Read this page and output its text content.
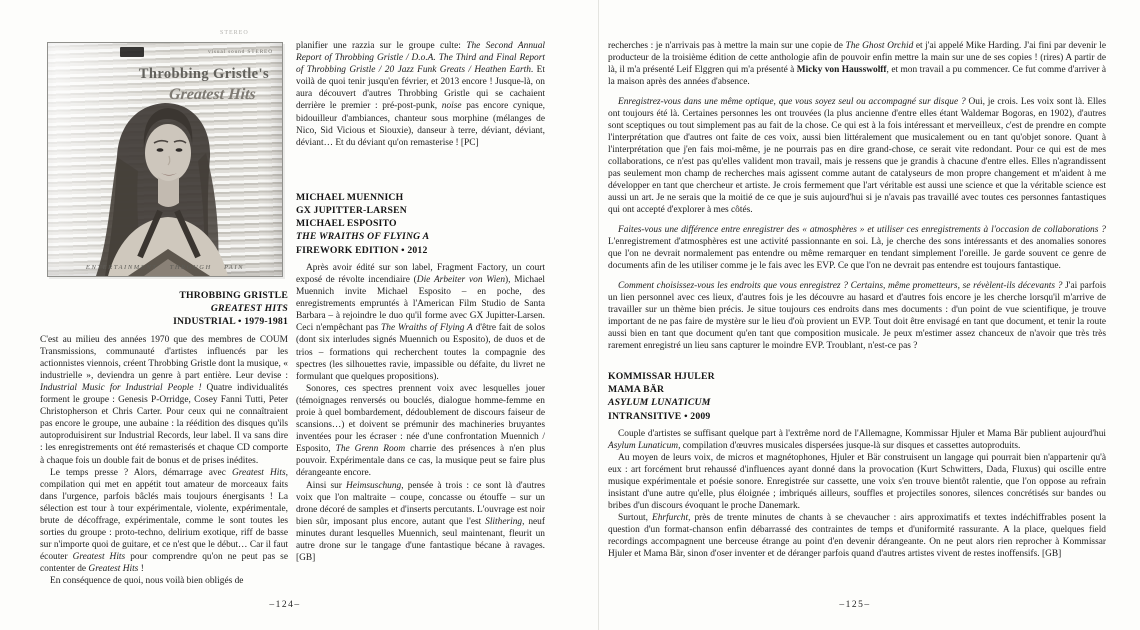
STEREO
visual sound STEREO
Throbbing Gristle's
Greatest Hits
ENTERTAINMENT THROUGH PAIN
THROBBING GRISTLE
GREATEST HITS
INDUSTRIAL • 1979-1981

C'est au milieu des années 1970 que des membres de COUM Transmissions, communauté d'artistes influencés par les actionnistes viennois, créent Throbbing Gristle dont la musique, « industrielle », deviendra un genre à part entière. Leur devise : Industrial Music for Industrial People ! Quatre individualités forment le groupe : Genesis P-Orridge, Cosey Fanni Tutti, Peter Christopherson et Chris Carter. Pour ceux qui ne connaîtraient pas encore le groupe, une aubaine : la réédition des disques qu'ils autoproduisirent sur Industrial Records, leur label. Il va sans dire : les enregistrements ont été remasterisés et chaque CD comporte à chaque fois un double fait de bonus et de prises inédites.

Le temps presse ? Alors, démarrage avec Greatest Hits, compilation qui met en appétit tout amateur de morceaux faits dans l'urgence, parfois bâclés mais toujours énergisants ! La sélection est tour à tour expérimentale, violente, expérimentale, brute de décoffrage, expérimentale, comme le sont toutes les sorties du groupe : proto-techno, delirium exotique, riff de basse sur n'importe quoi de guitare, et ce n'est que le début… Car il faut écouter Greatest Hits pour comprendre qu'on ne peut pas se contenter de Greatest Hits !

En conséquence de quoi, nous voilà bien obligés de

planifier une razzia sur le groupe culte: The Second Annual Report of Throbbing Gristle / D.o.A. The Third and Final Report of Throbbing Gristle / 20 Jazz Funk Greats / Heathen Earth. Et voilà de quoi tenir jusqu'en février, et 2013 encore ! Jusque-là, on aura découvert d'autres Throbbing Gristle qui se cachaient derrière le premier : pré-post-punk, noise pas encore cynique, bidouilleur d'ambiances, chanteur sous morphine (mélanges de Nico, Sid Vicious et Siouxie), danseur à terre, déviant, déviant, déviant… Et du déviant qu'on remasterise ! [PC]

MICHAEL MUENNICH
GX JUPITTER-LARSEN
MICHAEL ESPOSITO
THE WRAITHS OF FLYING A
FIREWORK EDITION • 2012

Après avoir édité sur son label, Fragment Factory, un court exposé de révolte incendiaire (Die Arbeiter von Wien), Michael Muennich invite Michael Esposito – en poche, des enregistrements empruntés à l'American Film Studio de Santa Barbara – à rejoindre le duo qu'il forme avec GX Jupitter-Larsen. Ceci n'empêchant pas The Wraiths of Flying A d'être fait de solos (dont six interludes signés Muennich ou Esposito), de duos et de trios – formations qui recherchent toutes la compagnie des spectres (les silhouettes ravie, impassible ou défaite, du livret ne formulant que quelques propositions).

Sonores, ces spectres prennent voix avec lesquelles jouer (témoignages renversés ou bouclés, dialogue homme-femme en proie à quel bombardement, dédoublement de discours faiseur de scansions…) et doivent se prémunir des machineries bruyantes inventées pour les écraser : née d'une confrontation Muennich / Esposito, The Grenn Room charrie des présences à n'en plus pouvoir. Expérimentale dans ce cas, la musique peut se faire plus dérangeante encore.

Ainsi sur Heimsuschung, pensée à trois : ce sont là d'autres voix que l'on maltraite – coupe, concasse ou étouffe – sur un drone décoré de samples et d'inserts percutants. L'ouvrage est noir bien sûr, imposant plus encore, autant que l'est Slithering, neuf minutes durant lesquelles Muennich, seul maintenant, fleurit un autre drone sur le tangage d'une fantastique bécane à ravages. [GB]

–124–

recherches : je n'arrivais pas à mettre la main sur une copie de The Ghost Orchid et j'ai appelé Mike Harding. J'ai fini par devenir le producteur de la troisième édition de cette anthologie afin de pouvoir enfin mettre la main sur une de ses copies ! (rires) A partir de là, il m'a présenté Leif Elggren qui m'a présenté à Micky von Hausswolff, et mon travail a pu commencer. Ce fut comme d'arriver à la maison après des années d'absence.

Enregistrez-vous dans une même optique, que vous soyez seul ou accompagné sur disque ? Oui, je crois. Les voix sont là. Elles ont toujours été là. Certaines personnes les ont trouvées (la plus ancienne d'entre elles étant Waldemar Bogoras, en 1902), d'autres sont sceptiques ou tout simplement pas au fait de la chose. Ce qui est à la fois intéressant et merveilleux, c'est de prendre en compte l'interprétation que d'autres ont faite de ces voix, aussi bien littéralement que musicalement ou en tant qu'objet sonore. Quant à l'interprétation que j'en fais moi-même, je ne pourrais pas en dire grand-chose, ce serait vite redondant. Pour ce qui est de mes collaborations, ce n'est pas qu'elles valident mon travail, mais je ressens que je grandis à chacune d'entre elles. Elles n'agrandissent pas seulement mon champ de recherches mais agissent comme autant de catalyseurs de mon propre changement et m'aident à me développer en tant que chercheur et artiste. Je crois fermement que l'art véritable est aussi une science et que la véritable science est aussi un art. Je ne serais que la moitié de ce que je suis aujourd'hui si je n'avais pas travaillé avec toutes ces personnes fantastiques qui ont accepté d'explorer à mes côtés.

Faites-vous une différence entre enregistrer des « atmosphères » et utiliser ces enregistrements à l'occasion de collaborations ? L'enregistrement d'atmosphères est une activité passionnante en soi. Là, je cherche des sons intéressants et des anomalies sonores que l'on ne devrait normalement pas entendre ou même remarquer en tendant simplement l'oreille. Je garde souvent ce genre de documents afin de les utiliser comme je le fais avec les EVP. Ce que l'on ne devrait pas entendre est toujours fantastique.

Comment choisissez-vous les endroits que vous enregistrez ? Certains, même prometteurs, se révèlent-ils décevants ? J'ai parfois un lien personnel avec ces lieux, d'autres fois je les découvre au hasard et d'autres fois encore je les cherche lorsqu'il m'arrive de travailler sur un thème bien précis. Je situe toujours ces endroits dans mes documents : d'un point de vue scientifique, je trouve important de ne pas faire de mystère sur le lieu d'où provient un EVP. Tout doit être envisagé en tant que document, et tenir la route aussi bien en tant que document qu'en tant que composition musicale. Je peux m'estimer assez chanceux de n'avoir que très très rarement enregistré un lieu sans capturer le moindre EVP. Troublant, n'est-ce pas ?

KOMMISSAR HJULER
MAMA BÄR
ASYLUM LUNATICUM
INTRANSITIVE • 2009

Couple d'artistes se suffisant quelque part à l'extrême nord de l'Allemagne, Kommissar Hjuler et Mama Bär publient aujourd'hui Asylum Lunaticum, compilation d'œuvres musicales dispersées jusque-là sur disques et cassettes autoproduits.

Au moyen de leurs voix, de micros et magnétophones, Hjuler et Bär construisent un langage qui pourrait bien n'appartenir qu'à eux : art forcément brut rehaussé d'influences ayant donné dans la provocation (Kurt Schwitters, Dada, Fluxus) qui oscille entre musique expérimentale et poésie sonore. Enregistrée sur cassette, une voix s'en trouve bientôt ralentie, que l'on oppose au refrain insistant d'une autre qu'elle, plus éloignée ; imbriqués ailleurs, souffles et projectiles sonores, silences concrétisés sur bandes ou bribes d'un discours évoquant le proche Danemark.

Surtout, Ehrfurcht, près de trente minutes de chants à se chevaucher : airs approximatifs et textes indéchiffrables posent la question d'un format-chanson enfin débarrassé des contraintes de temps et d'uniformité rassurante. A la place, quelques field recordings accompagnent une berceuse étrange au point d'en devenir dérangeante. On ne peut alors rien reprocher à Kommissar Hjuler et Mama Bär, sinon d'oser inventer et de déranger parfois quand d'autres artistes vivent de restes inoffensifs. [GB]

–125–
